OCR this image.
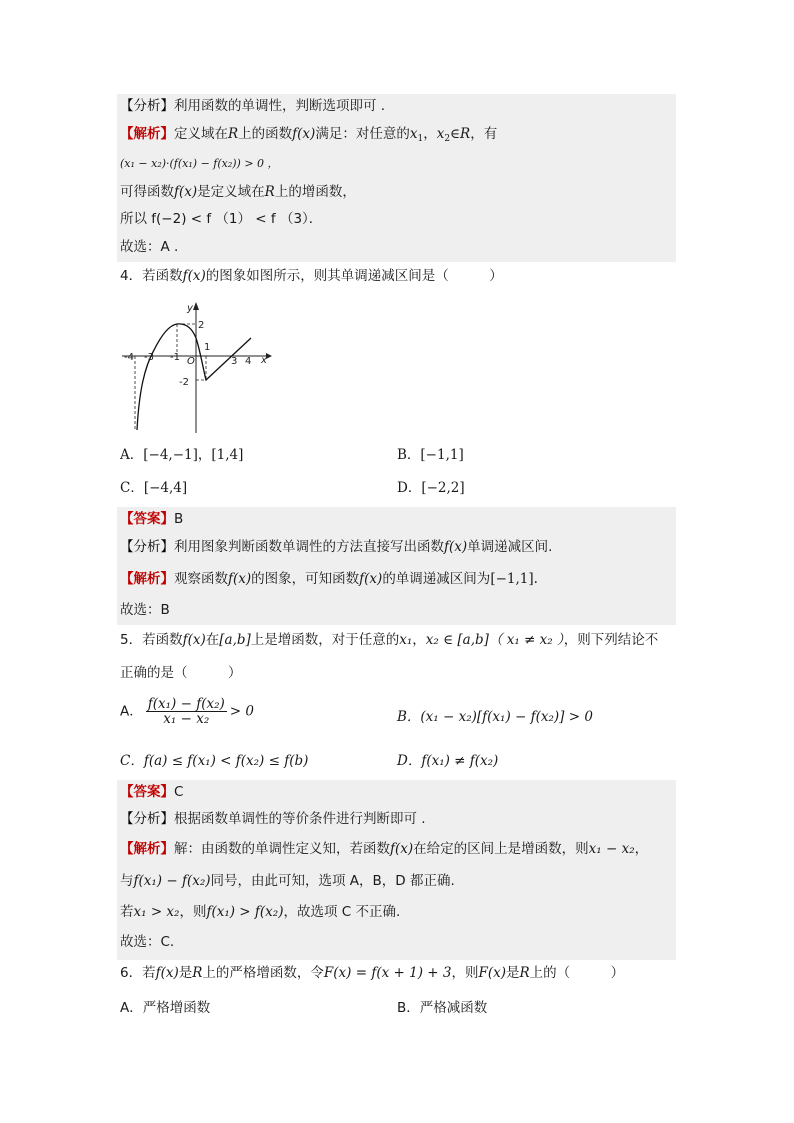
【分析】利用函数的单调性，判断选项即可 .
【解析】定义域在R上的函数f(x)满足：对任意的$x_1$，$x_2\in R$，有
(x₁ − x₂)·(f(x₁) − f(x₂)) > 0 ，
可得函数f(x)是定义域在R上的增函数，
所以 f(−2) < f （1） < f （3）．
故选：A .
4．若函数f(x)的图象如图所示，则其单调递减区间是（　　　）
y
x
O
-4 -3 -1
1
3 4
2
-2
A．[−4,−1]，[1,4]	B．[−1,1]
C．[−4,4]	D．[−2,2]
【答案】B
【分析】利用图象判断函数单调性的方法直接写出函数f(x)单调递减区间.
【解析】观察函数f(x)的图象，可知函数f(x)的单调递减区间为[−1,1].
故选：B
5．若函数f(x)在[a,b]上是增函数，对于任意的x₁，x₂ ∈ [a,b]（ x₁ ≠ x₂ ），则下列结论不
正确的是（　　　）
A． $\frac{\text{f(x₁) − f(x₂)}}{\text{x₁ − x₂}} > 0$	B．(x₁ − x₂)[f(x₁) − f(x₂)] > 0
C．f(a) ≤ f(x₁) < f(x₂) ≤ f(b)	D．f(x₁) ≠ f(x₂)
【答案】C
【分析】根据函数单调性的等价条件进行判断即可 .
【解析】解：由函数的单调性定义知，若函数f(x)在给定的区间上是增函数，则x₁ − x₂，
与f(x₁) − f(x₂)同号，由此可知，选项 A，B，D 都正确.
若x₁ > x₂，则f(x₁) > f(x₂)，故选项 C 不正确.
故选：C.
6．若f(x)是R上的严格增函数，令F(x) = f(x + 1) + 3，则F(x)是R上的（　　　）
A．严格增函数	B．严格减函数
